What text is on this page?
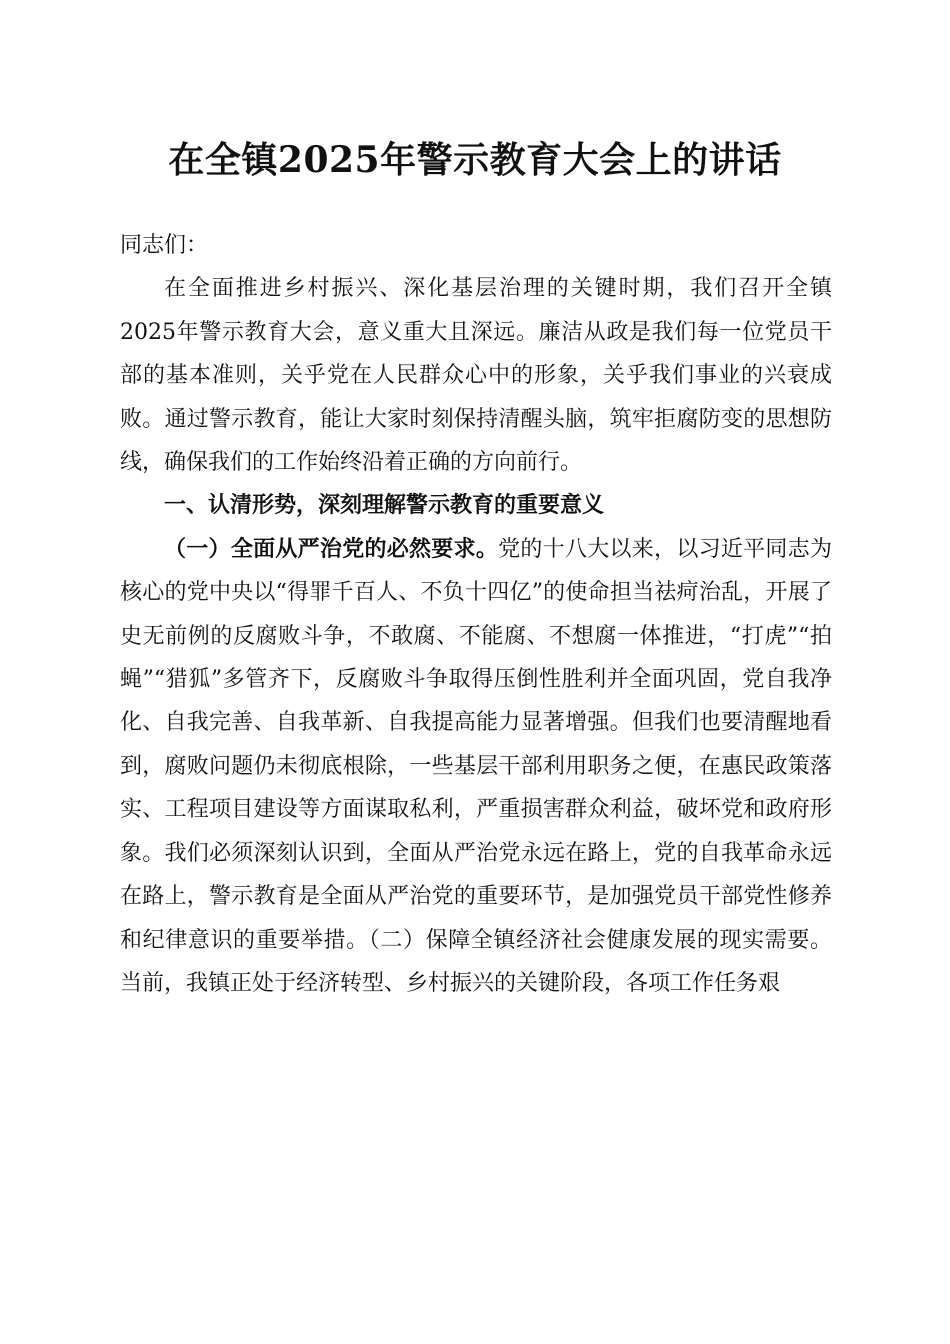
在全镇2025年警示教育大会上的讲话

同志们：

在全面推进乡村振兴、深化基层治理的关键时期，我们召开全镇2025年警示教育大会，意义重大且深远。廉洁从政是我们每一位党员干部的基本准则，关乎党在人民群众心中的形象，关乎我们事业的兴衰成败。通过警示教育，能让大家时刻保持清醒头脑，筑牢拒腐防变的思想防线，确保我们的工作始终沿着正确的方向前行。

一、认清形势，深刻理解警示教育的重要意义

（一）全面从严治党的必然要求。党的十八大以来，以习近平同志为核心的党中央以“得罪千百人、不负十四亿”的使命担当祛疴治乱，开展了史无前例的反腐败斗争，不敢腐、不能腐、不想腐一体推进，“打虎”“拍蝇”“猎狐”多管齐下，反腐败斗争取得压倒性胜利并全面巩固，党自我净化、自我完善、自我革新、自我提高能力显著增强。但我们也要清醒地看到，腐败问题仍未彻底根除，一些基层干部利用职务之便，在惠民政策落实、工程项目建设等方面谋取私利，严重损害群众利益，破坏党和政府形象。我们必须深刻认识到，全面从严治党永远在路上，党的自我革命永远在路上，警示教育是全面从严治党的重要环节，是加强党员干部党性修养和纪律意识的重要举措。（二）保障全镇经济社会健康发展的现实需要。当前，我镇正处于经济转型、乡村振兴的关键阶段，各项工作任务艰
